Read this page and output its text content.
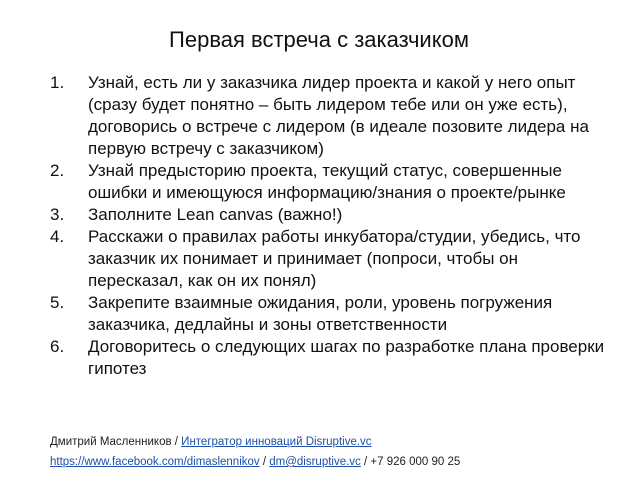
Первая встреча с заказчиком
1.	Узнай, есть ли у заказчика лидер проекта и какой у него опыт (сразу будет понятно – быть лидером тебе или он уже есть), договорись о встрече с лидером (в идеале позовите лидера на первую встречу с заказчиком)
2.	Узнай предысторию проекта, текущий статус, совершенные ошибки и имеющуюся информацию/знания о проекте/рынке
3.	Заполните Lean canvas (важно!)
4.	Расскажи о правилах работы инкубатора/студии, убедись, что заказчик их понимает и принимает (попроси, чтобы он пересказал, как он их понял)
5.	Закрепите взаимные ожидания, роли, уровень погружения заказчика, дедлайны и зоны ответственности
6.	Договоритесь о следующих шагах по разработке плана проверки гипотез
Дмитрий Масленников / Интегратор инноваций Disruptive.vc
https://www.facebook.com/dimaslennikov / dm@disruptive.vc / +7 926 000 90 25
